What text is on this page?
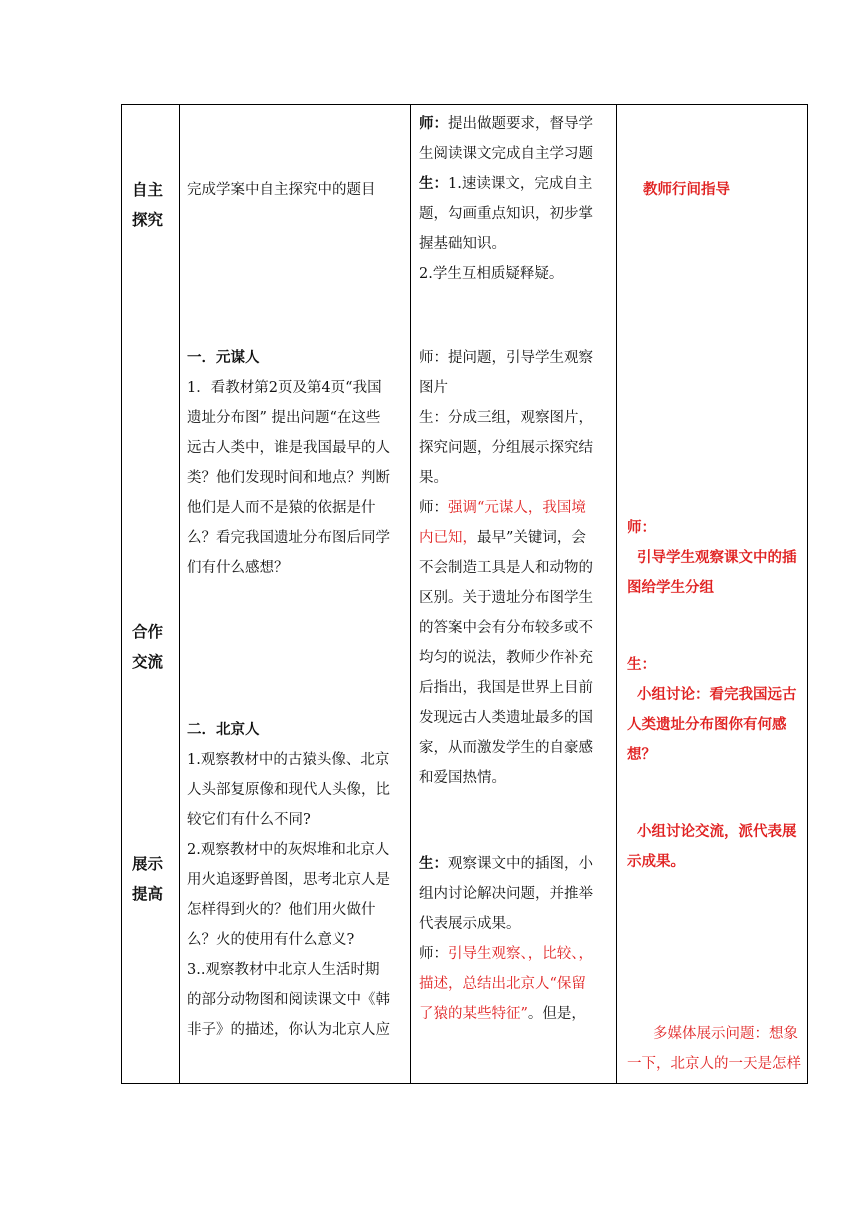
自主

探究

合作

交流

展示

提高

完成学案中自主探究中的题目

一．元谋人

1．看教材第2页及第4页“我国

遗址分布图” 提出问题“在这些

远古人类中，谁是我国最早的人

类？他们发现时间和地点？判断

他们是人而不是猿的依据是什

么？看完我国遗址分布图后同学

们有什么感想？

二．北京人

1.观察教材中的古猿头像、北京

人头部复原像和现代人头像，比

较它们有什么不同?

2.观察教材中的灰烬堆和北京人

用火追逐野兽图，思考北京人是

怎样得到火的？他们用火做什

么？火的使用有什么意义?

3..观察教材中北京人生活时期

的部分动物图和阅读课文中《韩

非子》的描述，你认为北京人应

师：提出做题要求，督导学

生阅读课文完成自主学习题

生：1.速读课文，完成自主

题，勾画重点知识，初步掌

握基础知识。

2.学生互相质疑释疑。

师：提问题，引导学生观察

图片

生：分成三组，观察图片，

探究问题，分组展示探究结

果。

师：强调“元谋人，我国境

内已知，最早”关键词，会

不会制造工具是人和动物的

区别。关于遗址分布图学生

的答案中会有分布较多或不

均匀的说法，教师少作补充

后指出，我国是世界上目前

发现远古人类遗址最多的国

家，从而激发学生的自豪感

和爱国热情。

生：观察课文中的插图，小

组内讨论解决问题，并推举

代表展示成果。

师：引导生观察、，比较、，

描述，总结出北京人“保留

了猿的某些特征”。但是，

教师行间指导

师：

引导学生观察课文中的插

图给学生分组

生：

小组讨论：看完我国远古

人类遗址分布图你有何感

想？

小组讨论交流，派代表展

示成果。

多媒体展示问题：想象

一下，北京人的一天是怎样
